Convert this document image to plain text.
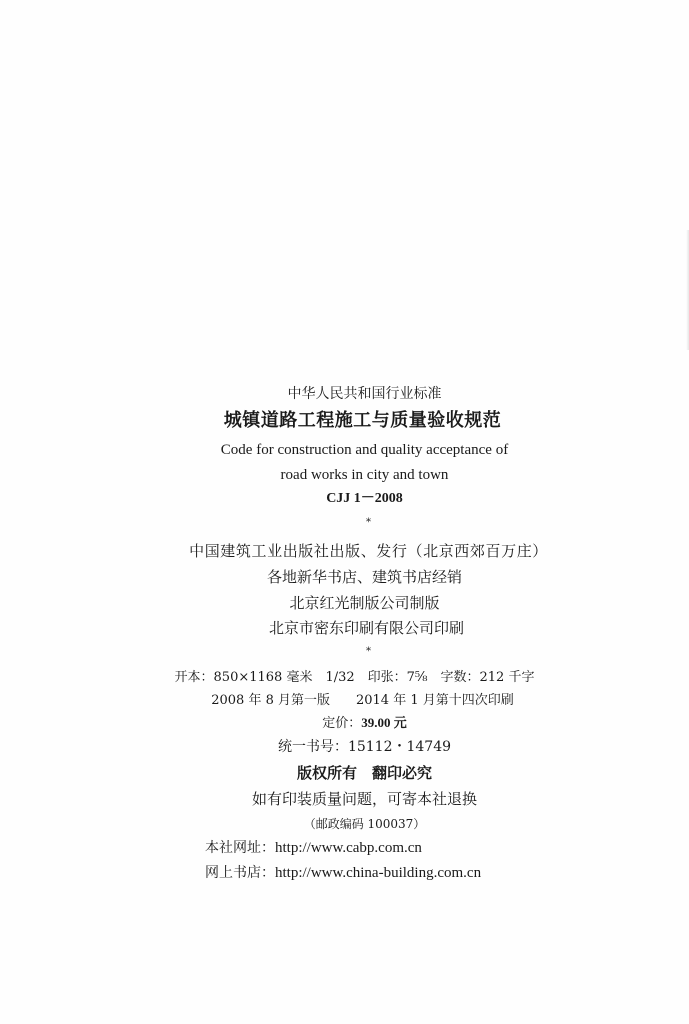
中华人民共和国行业标准
城镇道路工程施工与质量验收规范
Code for construction and quality acceptance of
road works in city and town
CJJ 1－2008
*
中国建筑工业出版社出版、发行（北京西郊百万庄）
各地新华书店、建筑书店经销
北京红光制版公司制版
北京市密东印刷有限公司印刷
*
开本：850×1168 毫米　1/32　印张：7⅝　字数：212 千字
2008 年 8 月第一版　　2014 年 1 月第十四次印刷
定价：39.00 元
统一书号：15112・14749
版权所有　翻印必究
如有印装质量问题，可寄本社退换
（邮政编码 100037）
本社网址：http://www.cabp.com.cn
网上书店：http://www.china-building.com.cn
